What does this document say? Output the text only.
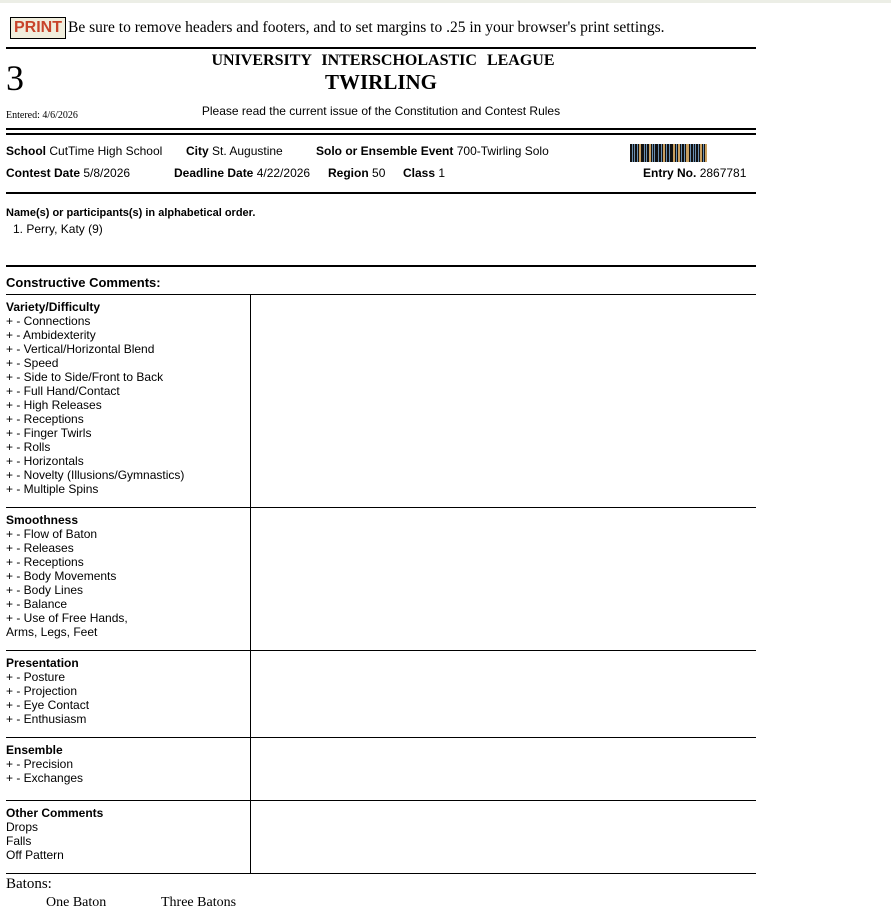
PRINT Be sure to remove headers and footers, and to set margins to .25 in your browser's print settings.
3
Entered: 4/6/2026
UNIVERSITY INTERSCHOLASTIC LEAGUE
TWIRLING
Please read the current issue of the Constitution and Contest Rules
School CutTime High School City St. Augustine	Solo or Ensemble Event 700-Twirling Solo
Contest Date 5/8/2026	Deadline Date 4/22/2026 Region 50 Class 1	Entry No. 2867781
Name(s) or participants(s) in alphabetical order.
1. Perry, Katy (9)
Constructive Comments:
Variety/Difficulty
+ - Connections
+ - Ambidexterity
+ - Vertical/Horizontal Blend
+ - Speed
+ - Side to Side/Front to Back
+ - Full Hand/Contact
+ - High Releases
+ - Receptions
+ - Finger Twirls
+ - Rolls
+ - Horizontals
+ - Novelty (Illusions/Gymnastics)
+ - Multiple Spins
Smoothness
+ - Flow of Baton
+ - Releases
+ - Receptions
+ - Body Movements
+ - Body Lines
+ - Balance
+ - Use of Free Hands,
Arms, Legs, Feet
Presentation
+ - Posture
+ - Projection
+ - Eye Contact
+ - Enthusiasm
Ensemble
+ - Precision
+ - Exchanges
Other Comments
Drops
Falls
Off Pattern
Batons:
One Baton	Three Batons
